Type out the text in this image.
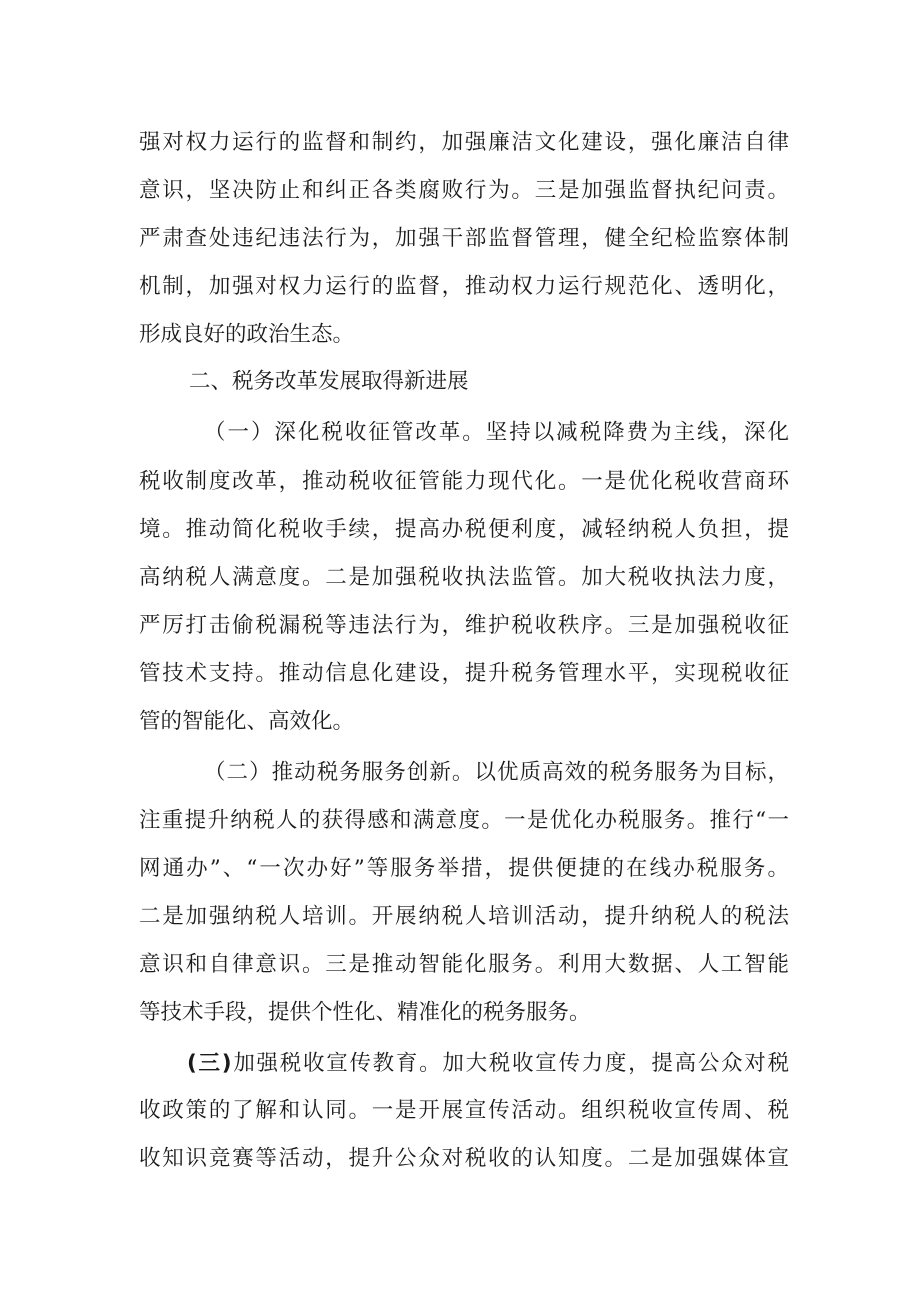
强对权力运行的监督和制约，加强廉洁文化建设，强化廉洁自律
意识，坚决防止和纠正各类腐败行为。三是加强监督执纪问责。
严肃查处违纪违法行为，加强干部监督管理，健全纪检监察体制
机制，加强对权力运行的监督，推动权力运行规范化、透明化，
形成良好的政治生态。
二、税务改革发展取得新进展
（一）深化税收征管改革。坚持以减税降费为主线，深化
税收制度改革，推动税收征管能力现代化。一是优化税收营商环
境。推动简化税收手续，提高办税便利度，减轻纳税人负担，提
高纳税人满意度。二是加强税收执法监管。加大税收执法力度，
严厉打击偷税漏税等违法行为，维护税收秩序。三是加强税收征
管技术支持。推动信息化建设，提升税务管理水平，实现税收征
管的智能化、高效化。
（二）推动税务服务创新。以优质高效的税务服务为目标，
注重提升纳税人的获得感和满意度。一是优化办税服务。推行“一
网通办”、“一次办好”等服务举措，提供便捷的在线办税服务。
二是加强纳税人培训。开展纳税人培训活动，提升纳税人的税法
意识和自律意识。三是推动智能化服务。利用大数据、人工智能
等技术手段，提供个性化、精准化的税务服务。
(三)加强税收宣传教育。加大税收宣传力度，提高公众对税
收政策的了解和认同。一是开展宣传活动。组织税收宣传周、税
收知识竞赛等活动，提升公众对税收的认知度。二是加强媒体宣
